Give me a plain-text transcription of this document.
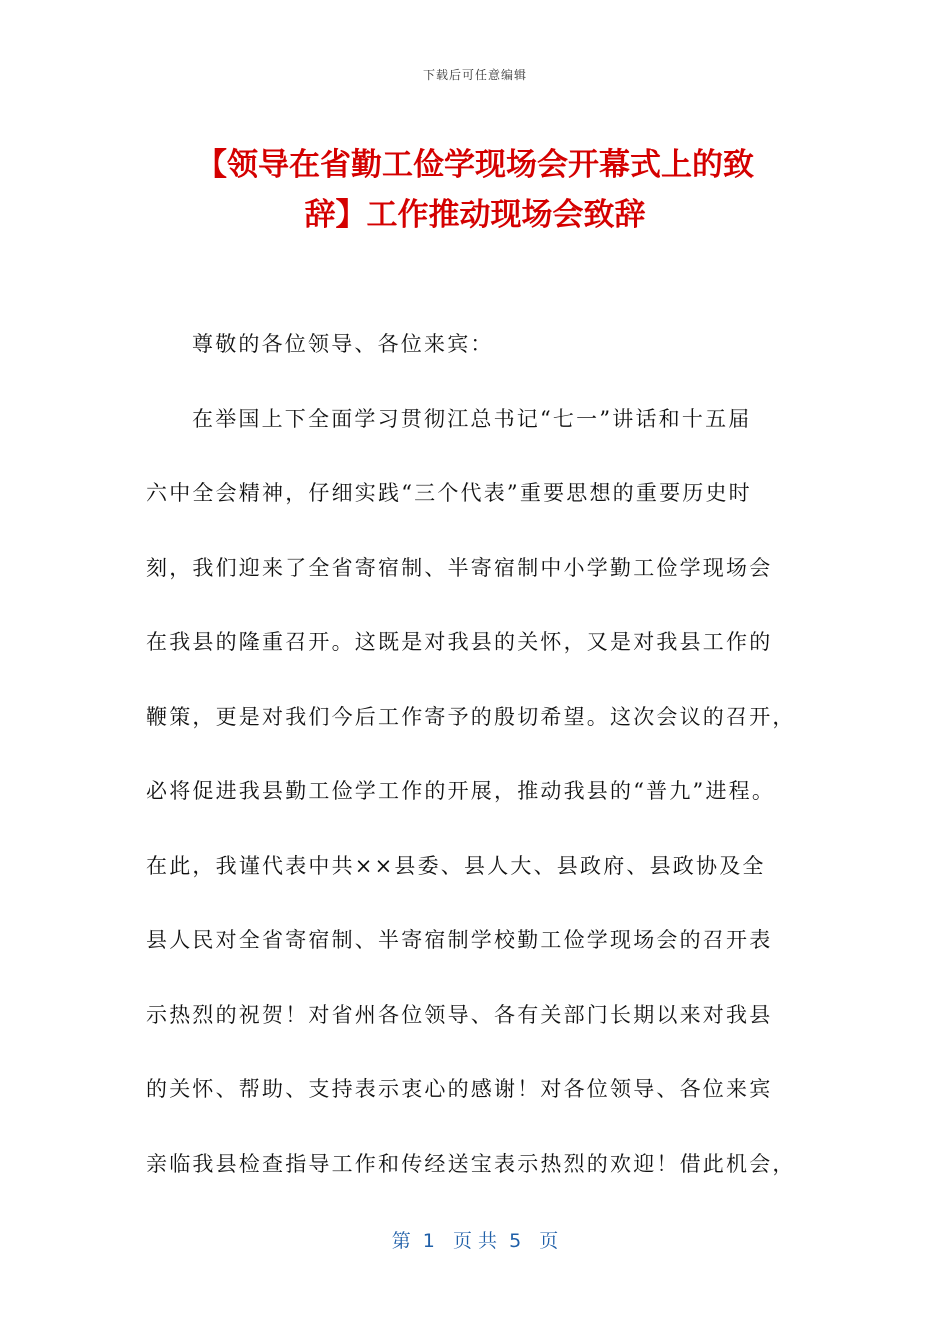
下载后可任意编辑
【领导在省勤工俭学现场会开幕式上的致
辞】工作推动现场会致辞
尊敬的各位领导、各位来宾：
在举国上下全面学习贯彻江总书记“七一”讲话和十五届
六中全会精神，仔细实践“三个代表”重要思想的重要历史时
刻，我们迎来了全省寄宿制、半寄宿制中小学勤工俭学现场会
在我县的隆重召开。这既是对我县的关怀，又是对我县工作的
鞭策，更是对我们今后工作寄予的殷切希望。这次会议的召开，
必将促进我县勤工俭学工作的开展，推动我县的“普九”进程。
在此，我谨代表中共××县委、县人大、县政府、县政协及全
县人民对全省寄宿制、半寄宿制学校勤工俭学现场会的召开表
示热烈的祝贺！对省州各位领导、各有关部门长期以来对我县
的关怀、帮助、支持表示衷心的感谢！对各位领导、各位来宾
亲临我县检查指导工作和传经送宝表示热烈的欢迎！借此机会，
第  1   页 共  5   页
